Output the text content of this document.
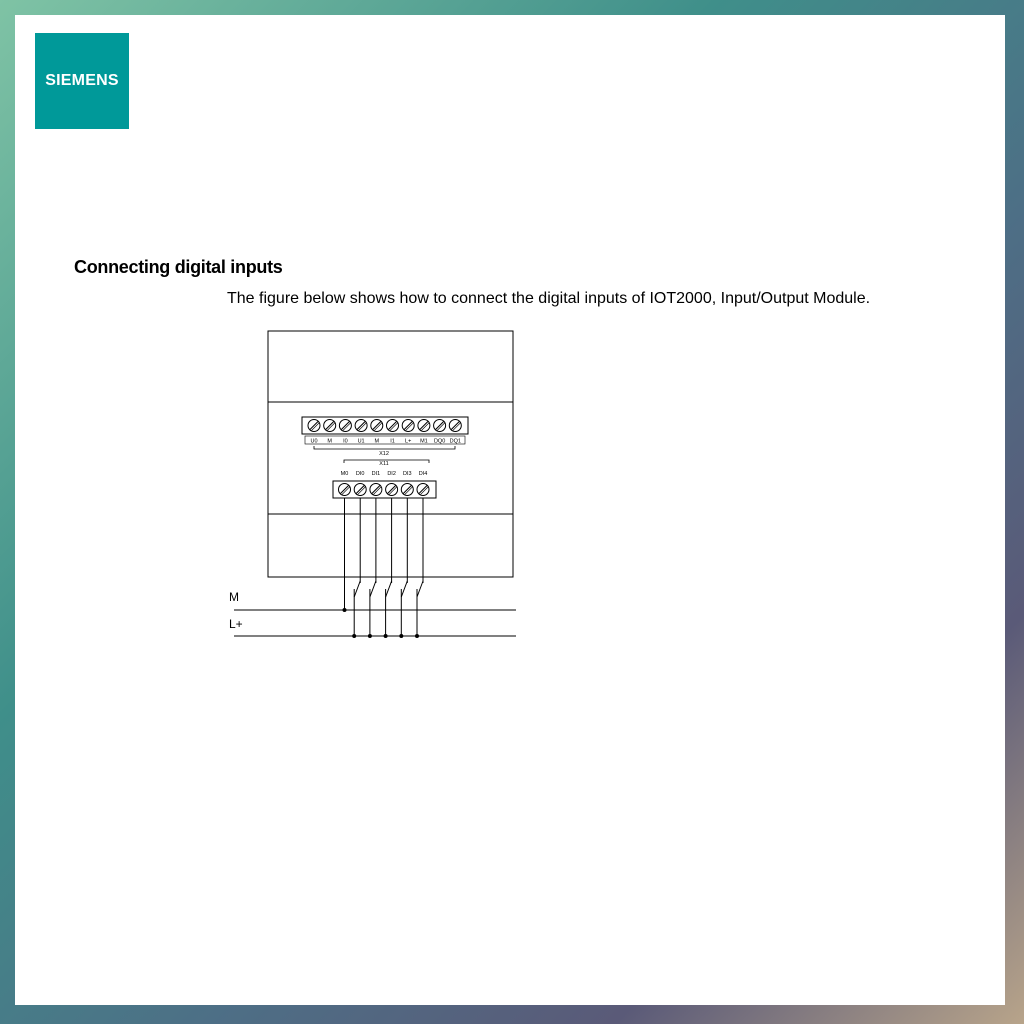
SIEMENS
Connecting digital inputs
The figure below shows how to connect the digital inputs of IOT2000, Input/Output Module.
U0 M I0 U1 M I1 L+ M1 DQ0 DQ1
X12
X11
M0 DI0 DI1 DI2 DI3 DI4
M
L+
